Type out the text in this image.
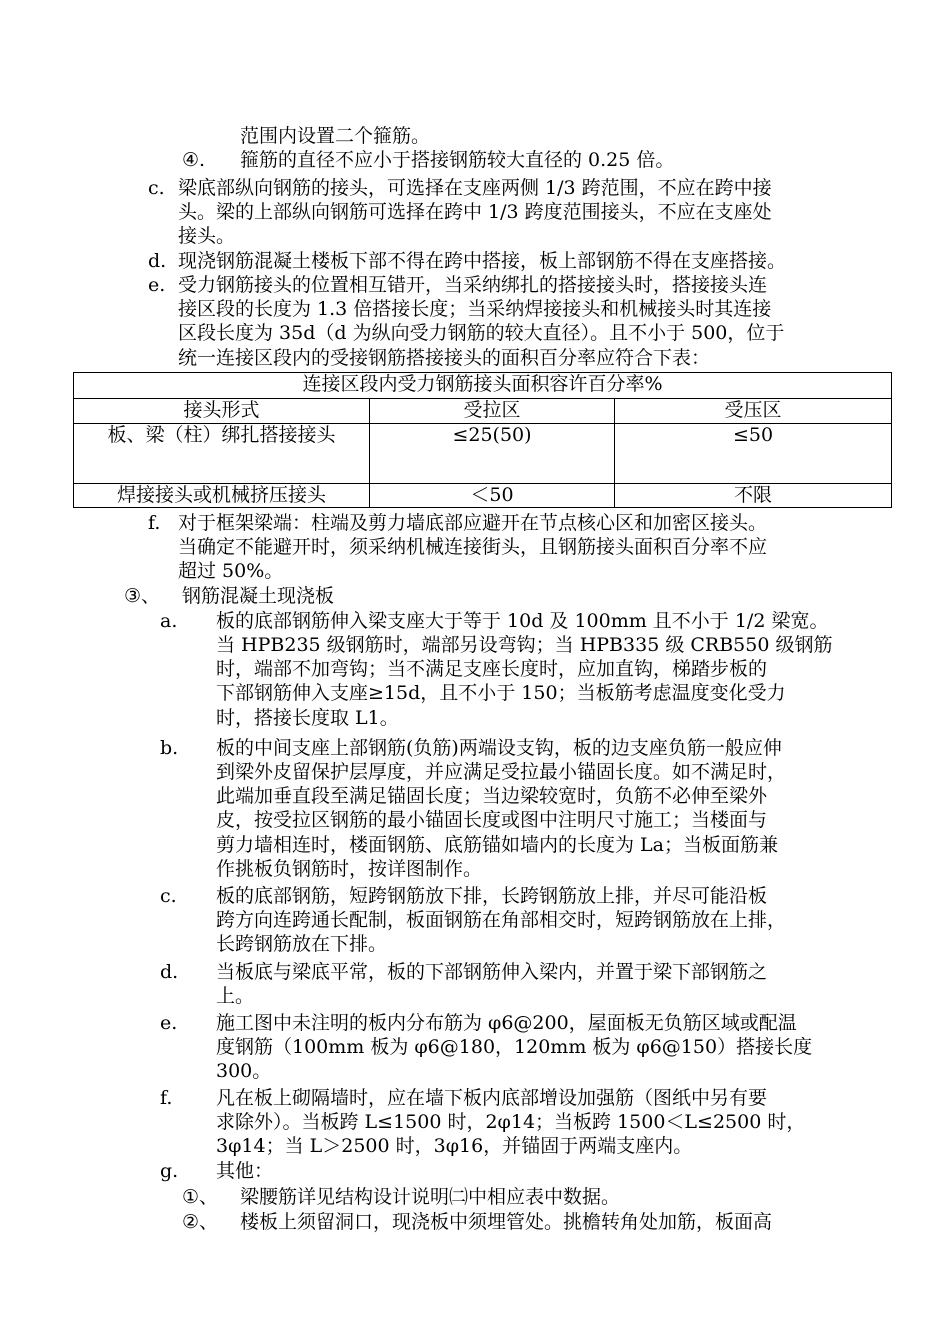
范围内设置二个箍筋。
④. 箍筋的直径不应小于搭接钢筋较大直径的 0.25 倍。
c. 梁底部纵向钢筋的接头，可选择在支座两侧 1/3 跨范围，不应在跨中接
头。梁的上部纵向钢筋可选择在跨中 1/3 跨度范围接头，不应在支座处
接头。
d. 现浇钢筋混凝土楼板下部不得在跨中搭接，板上部钢筋不得在支座搭接。
e. 受力钢筋接头的位置相互错开，当采纳绑扎的搭接接头时，搭接接头连
接区段的长度为 1.3 倍搭接长度；当采纳焊接接头和机械接头时其连接
区段长度为 35d（d 为纵向受力钢筋的较大直径）。且不小于 500，位于
统一连接区段内的受接钢筋搭接接头的面积百分率应符合下表：
连接区段内受力钢筋接头面积容许百分率%		
接头形式	受拉区	受压区
板、梁（柱）绑扎搭接接头	≤25(50)	≤50
焊接接头或机械挤压接头	＜50	不限
f. 对于框架梁端：柱端及剪力墙底部应避开在节点核心区和加密区接头。
当确定不能避开时，须采纳机械连接街头，且钢筋接头面积百分率不应
超过 50%。
③、 钢筋混凝土现浇板
a. 板的底部钢筋伸入梁支座大于等于 10d 及 100mm 且不小于 1/2 梁宽。
当 HPB235 级钢筋时，端部另设弯钩；当 HPB335 级 CRB550 级钢筋
时，端部不加弯钩；当不满足支座长度时，应加直钩，梯踏步板的
下部钢筋伸入支座≥15d，且不小于 150；当板筋考虑温度变化受力
时，搭接长度取 L1。
b. 板的中间支座上部钢筋(负筋)两端设支钩，板的边支座负筋一般应伸
到梁外皮留保护层厚度，并应满足受拉最小锚固长度。如不满足时，
此端加垂直段至满足锚固长度；当边梁较宽时，负筋不必伸至梁外
皮，按受拉区钢筋的最小锚固长度或图中注明尺寸施工；当楼面与
剪力墙相连时，楼面钢筋、底筋锚如墙内的长度为 La；当板面筋兼
作挑板负钢筋时，按详图制作。
c. 板的底部钢筋，短跨钢筋放下排，长跨钢筋放上排，并尽可能沿板
跨方向连跨通长配制，板面钢筋在角部相交时，短跨钢筋放在上排，
长跨钢筋放在下排。
d. 当板底与梁底平常，板的下部钢筋伸入梁内，并置于梁下部钢筋之
上。
e. 施工图中未注明的板内分布筋为 φ6@200，屋面板无负筋区域或配温
度钢筋（100mm 板为 φ6@180，120mm 板为 φ6@150）搭接长度
300。
f. 凡在板上砌隔墙时，应在墙下板内底部增设加强筋（图纸中另有要
求除外）。当板跨 L≤1500 时，2φ14；当板跨 1500＜L≤2500 时，
3φ14；当 L＞2500 时，3φ16，并锚固于两端支座内。
g. 其他：
①、 梁腰筋详见结构设计说明㈡中相应表中数据。
②、 楼板上须留洞口，现浇板中须埋管处。挑檐转角处加筋，板面高
